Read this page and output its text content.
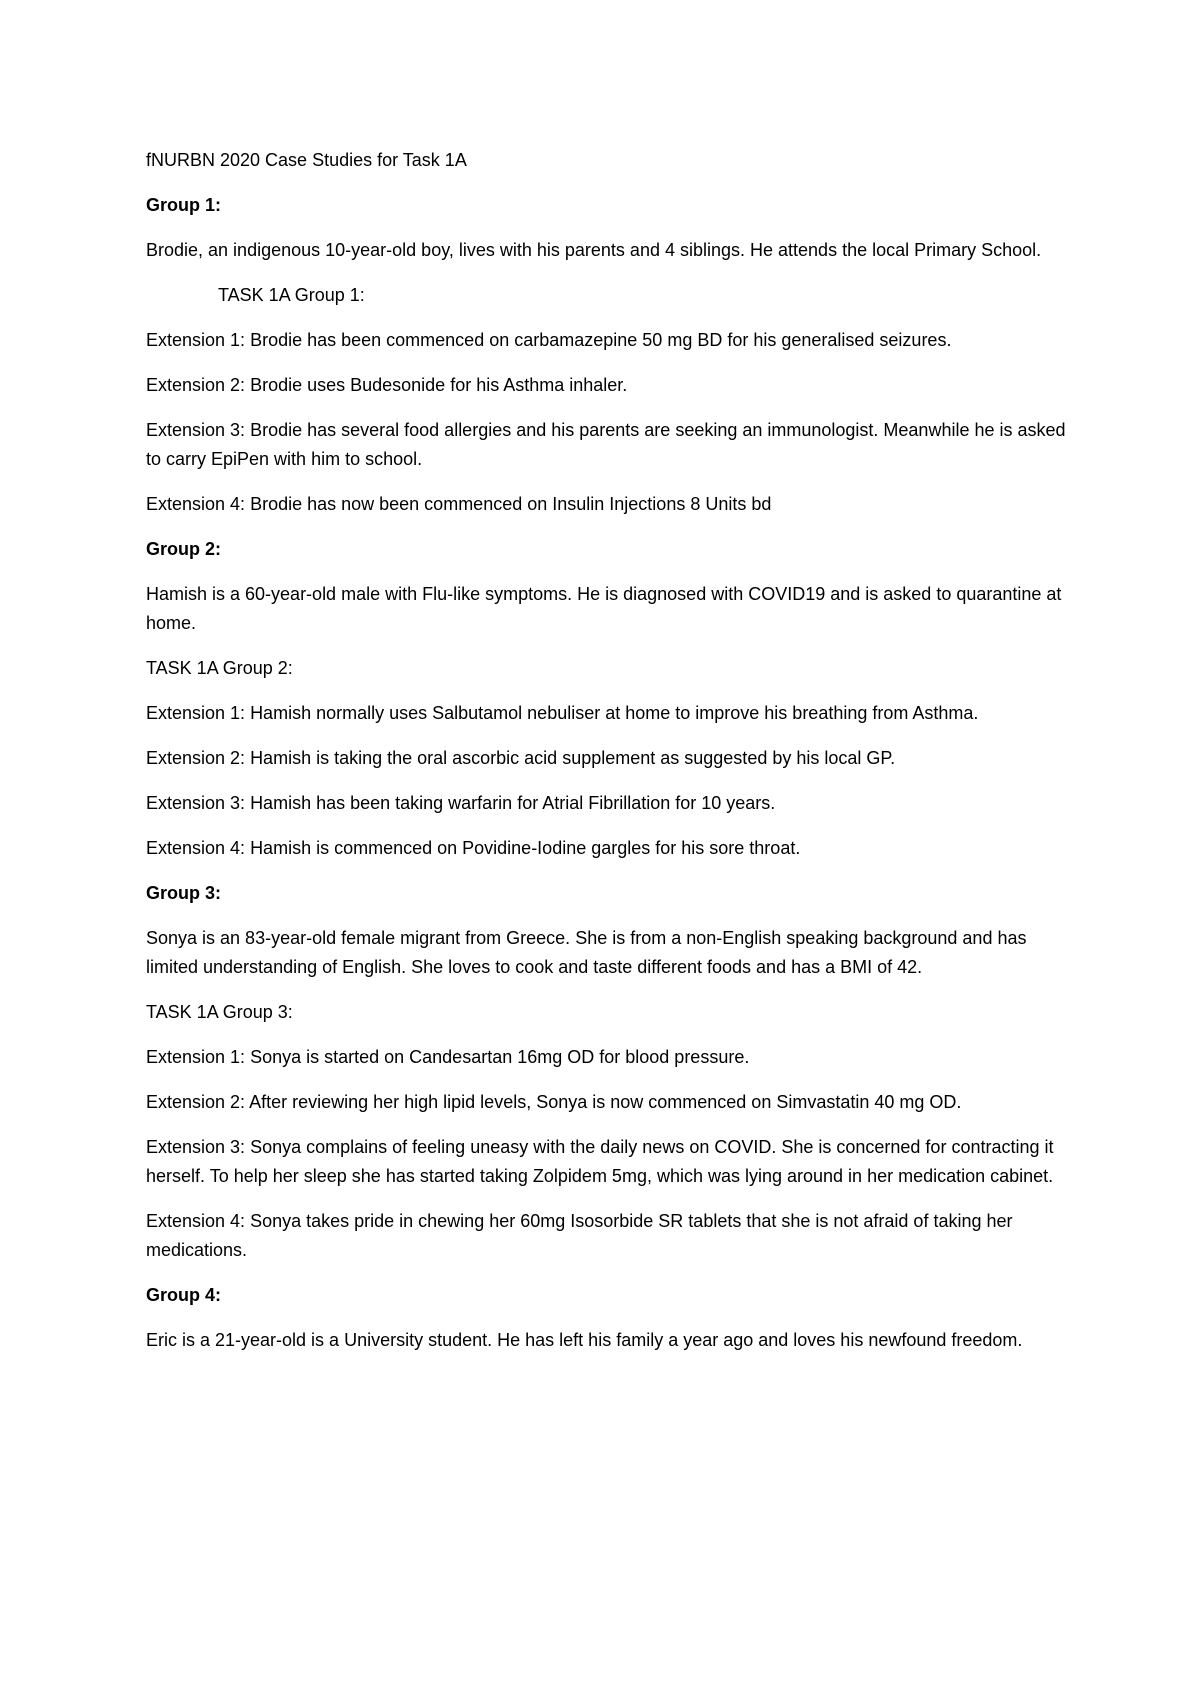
fNURBN 2020 Case Studies for Task 1A

Group 1:

Brodie, an indigenous 10-year-old boy, lives with his parents and 4 siblings. He attends the local Primary School.

TASK 1A Group 1:

Extension 1: Brodie has been commenced on carbamazepine 50 mg BD for his generalised seizures.

Extension 2: Brodie uses Budesonide for his Asthma inhaler.

Extension 3: Brodie has several food allergies and his parents are seeking an immunologist. Meanwhile he is asked to carry EpiPen with him to school.

Extension 4: Brodie has now been commenced on Insulin Injections 8 Units bd

Group 2:

Hamish is a 60-year-old male with Flu-like symptoms. He is diagnosed with COVID19 and is asked to quarantine at home.

TASK 1A Group 2:

Extension 1: Hamish normally uses Salbutamol nebuliser at home to improve his breathing from Asthma.

Extension 2: Hamish is taking the oral ascorbic acid supplement as suggested by his local GP.

Extension 3: Hamish has been taking warfarin for Atrial Fibrillation for 10 years.

Extension 4: Hamish is commenced on Povidine-Iodine gargles for his sore throat.

Group 3:

Sonya is an 83-year-old female migrant from Greece. She is from a non-English speaking background and has limited understanding of English. She loves to cook and taste different foods and has a BMI of 42.

TASK 1A Group 3:

Extension 1: Sonya is started on Candesartan 16mg OD for blood pressure.

Extension 2: After reviewing her high lipid levels, Sonya is now commenced on Simvastatin 40 mg OD.

Extension 3: Sonya complains of feeling uneasy with the daily news on COVID. She is concerned for contracting it herself. To help her sleep she has started taking Zolpidem 5mg, which was lying around in her medication cabinet.

Extension 4: Sonya takes pride in chewing her 60mg Isosorbide SR tablets that she is not afraid of taking her medications.

Group 4:

Eric is a 21-year-old is a University student. He has left his family a year ago and loves his newfound freedom.
